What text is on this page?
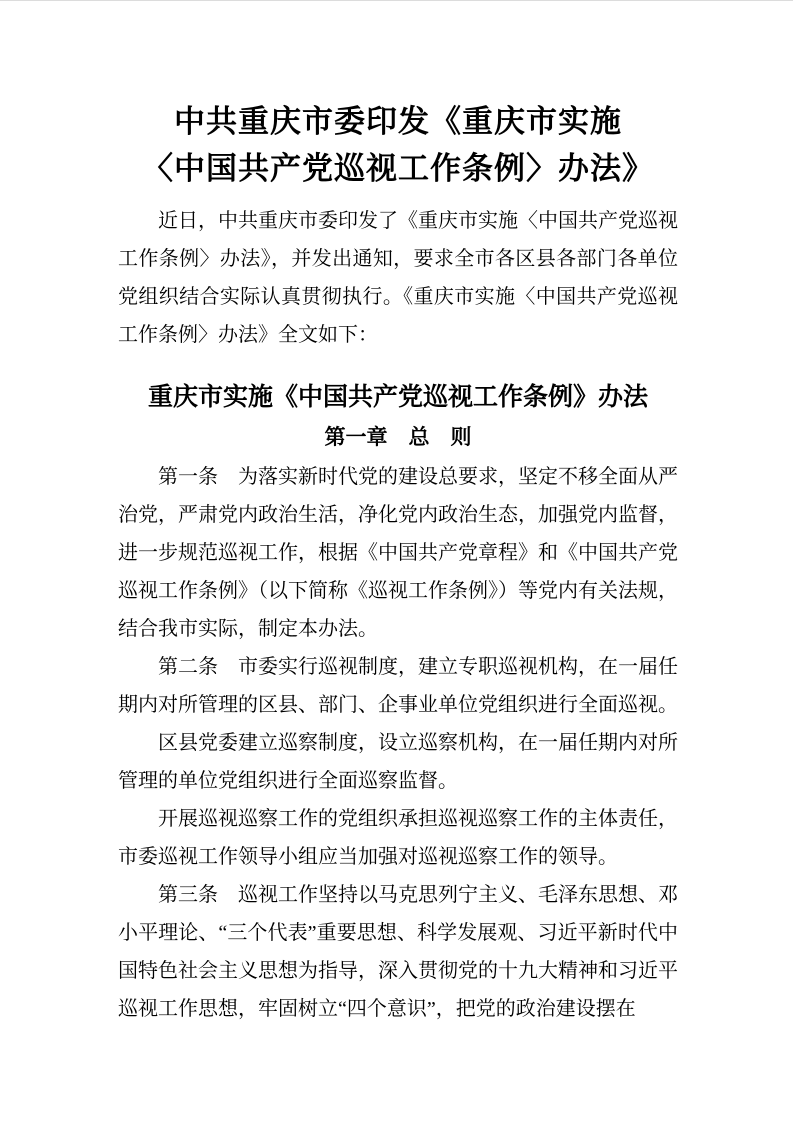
中共重庆市委印发《重庆市实施
〈中国共产党巡视工作条例〉办法》

近日，中共重庆市委印发了《重庆市实施〈中国共产党巡视工作条例〉办法》，并发出通知，要求全市各区县各部门各单位党组织结合实际认真贯彻执行。《重庆市实施〈中国共产党巡视工作条例〉办法》全文如下：

重庆市实施《中国共产党巡视工作条例》办法
第一章　总　则

第一条　为落实新时代党的建设总要求，坚定不移全面从严治党，严肃党内政治生活，净化党内政治生态，加强党内监督，进一步规范巡视工作，根据《中国共产党章程》和《中国共产党巡视工作条例》（以下简称《巡视工作条例》）等党内有关法规，结合我市实际，制定本办法。

第二条　市委实行巡视制度，建立专职巡视机构，在一届任期内对所管理的区县、部门、企事业单位党组织进行全面巡视。

区县党委建立巡察制度，设立巡察机构，在一届任期内对所管理的单位党组织进行全面巡察监督。

开展巡视巡察工作的党组织承担巡视巡察工作的主体责任，市委巡视工作领导小组应当加强对巡视巡察工作的领导。

第三条　巡视工作坚持以马克思列宁主义、毛泽东思想、邓小平理论、“三个代表”重要思想、科学发展观、习近平新时代中国特色社会主义思想为指导，深入贯彻党的十九大精神和习近平巡视工作思想，牢固树立“四个意识”，把党的政治建设摆在
